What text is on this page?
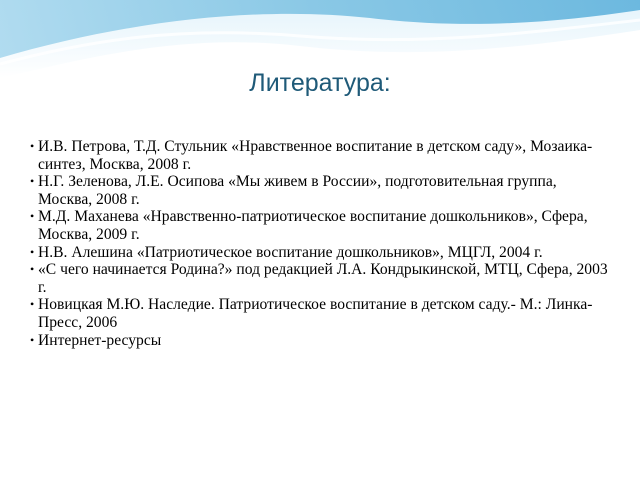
Литература:
• И.В. Петрова, Т.Д. Стульник «Нравственное воспитание в детском саду», Мозаика-синтез, Москва, 2008 г.
• Н.Г. Зеленова, Л.Е. Осипова «Мы живем в России», подготовительная группа, Москва, 2008 г.
• М.Д. Маханева «Нравственно-патриотическое воспитание дошкольников», Сфера, Москва, 2009 г.
• Н.В. Алешина «Патриотическое воспитание дошкольников», МЦГЛ, 2004 г.
• «С чего начинается Родина?» под редакцией Л.А. Кондрыкинской, МТЦ, Сфера, 2003 г.
• Новицкая М.Ю. Наследие. Патриотическое воспитание в детском саду.- М.: Линка- Пресс, 2006
• Интернет-ресурсы
